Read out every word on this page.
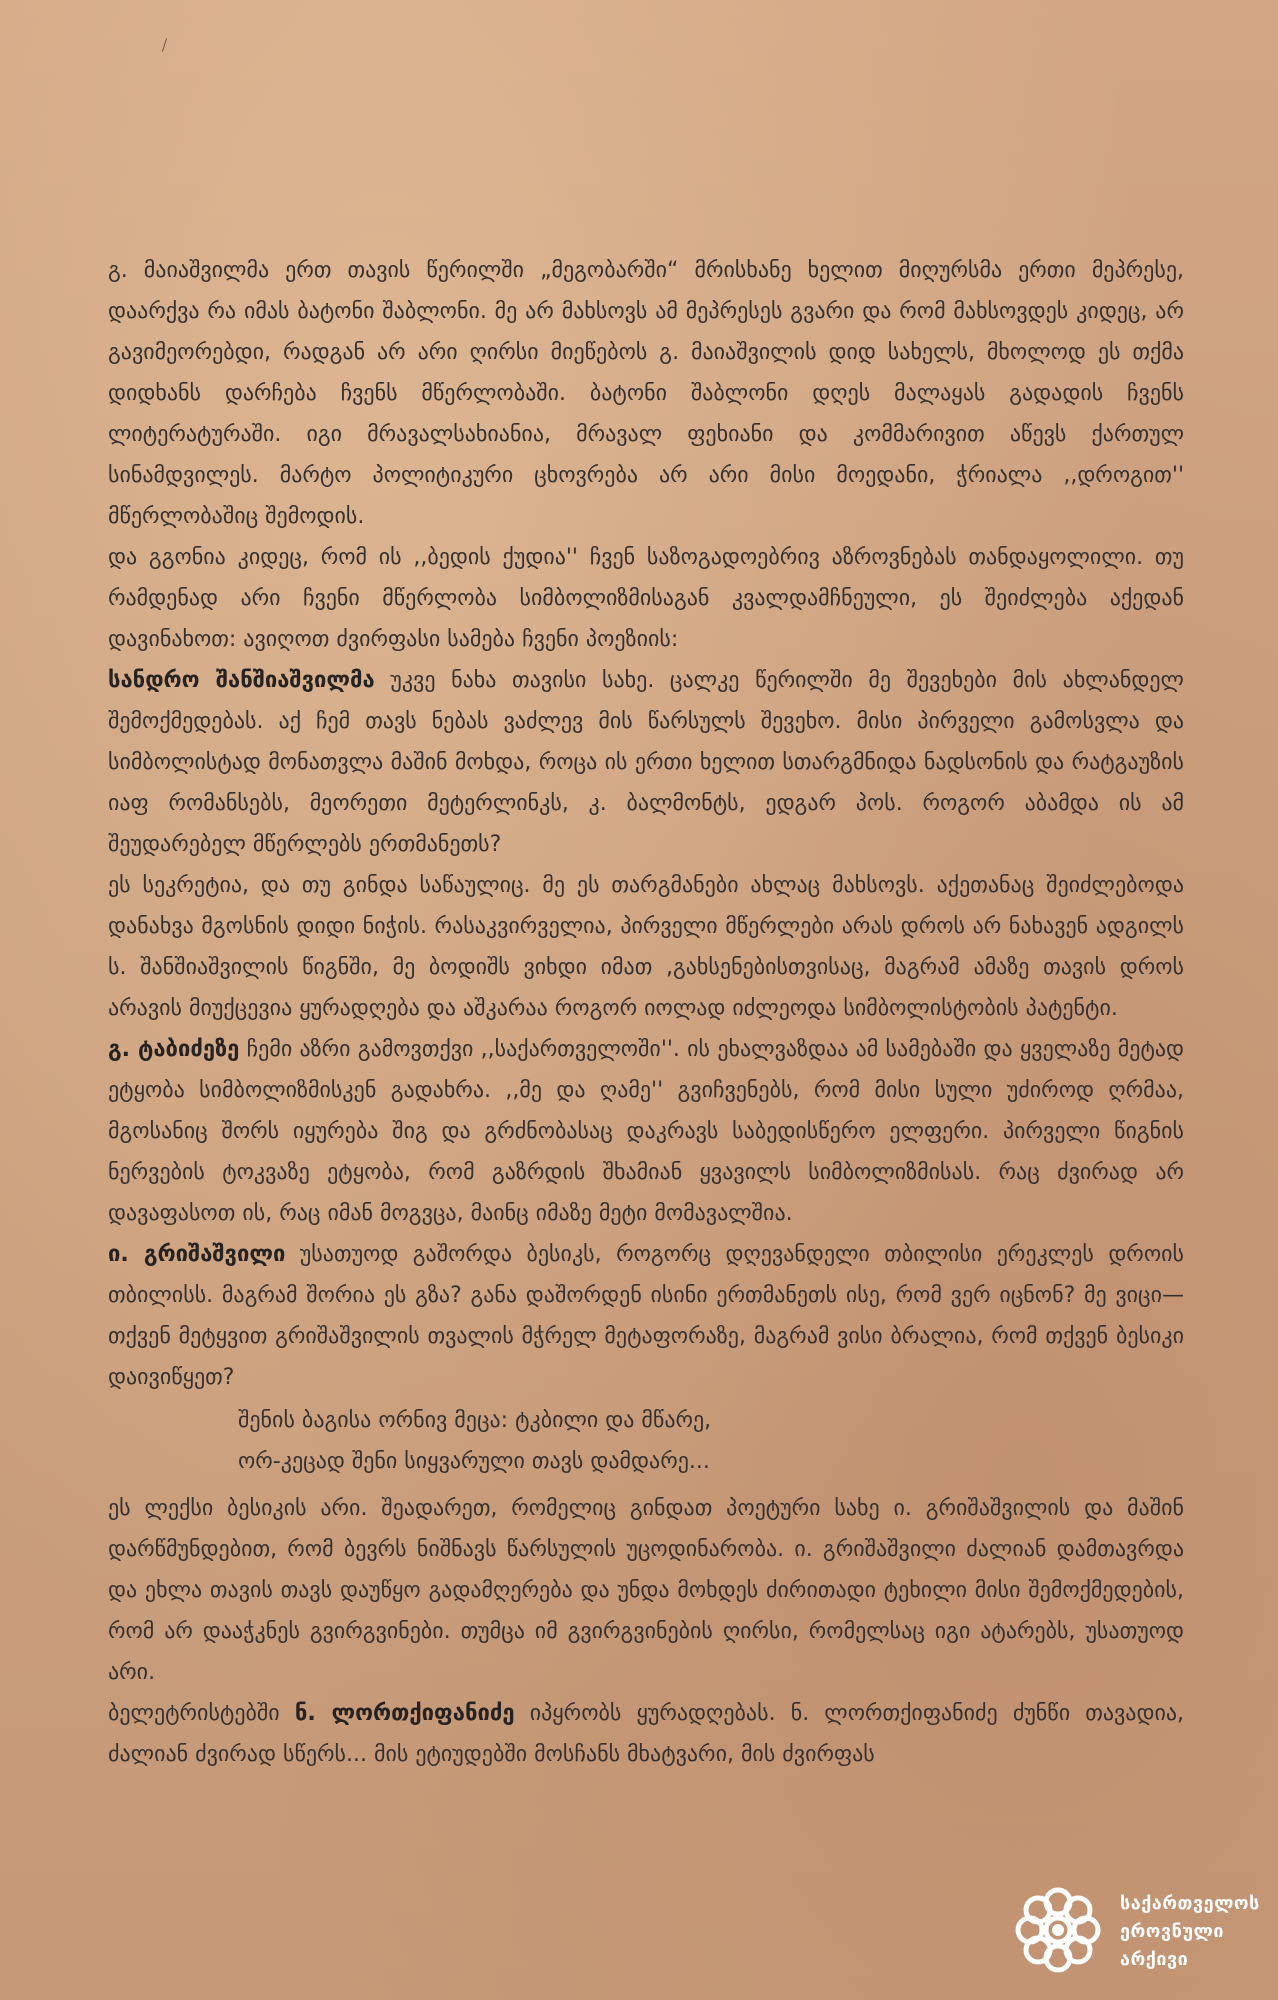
გ. მაიაშვილმა ერთ თავის წერილში „მეგობარში“ მრისხანე ხელით მიღურსმა ერთი მეპრესე, დაარქვა რა იმას ბატონი შაბლონი. მე არ მახსოვს ამ მეპრესეს გვარი და რომ მახსოვდეს კიდეც, არ გავიმეორებდი, რადგან არ არი ღირსი მიეწებოს გ. მაიაშვილის დიდ სახელს, მხოლოდ ეს თქმა დიდხანს დარჩება ჩვენს მწერლობაში. ბატონი შაბლონი დღეს მალაყას გადადის ჩვენს ლიტერატურაში. იგი მრავალსახიანია, მრავალ ფეხიანი და კომმარივით აწევს ქართულ სინამდვილეს. მარტო პოლიტიკური ცხოვრება არ არი მისი მოედანი, ჭრიალა ,,დროგით'' მწერლობაშიც შემოდის.

და გგონია კიდეც, რომ ის ,,ბედის ქუდია'' ჩვენ საზოგადოებრივ აზროვნებას თანდაყოლილი. თუ რამდენად არი ჩვენი მწერლობა სიმბოლიზმისაგან კვალდამჩნეული, ეს შეიძლება აქედან დავინახოთ: ავიღოთ ძვირფასი სამება ჩვენი პოეზიის:

სანდრო შანშიაშვილმა უკვე ნახა თავისი სახე. ცალკე წერილში მე შევეხები მის ახლანდელ შემოქმედებას. აქ ჩემ თავს ნებას ვაძლევ მის წარსულს შევეხო. მისი პირველი გამოსვლა და სიმბოლისტად მონათვლა მაშინ მოხდა, როცა ის ერთი ხელით სთარგმნიდა ნადსონის და რატგაუზის იაფ რომანსებს, მეორეთი მეტერლინკს, კ. ბალმონტს, ედგარ პოს. როგორ აბამდა ის ამ შეუდარებელ მწერლებს ერთმანეთს?

ეს სეკრეტია, და თუ გინდა საწაულიც. მე ეს თარგმანები ახლაც მახსოვს. აქეთანაც შეიძლებოდა დანახვა მგოსნის დიდი ნიჭის. რასაკვირველია, პირველი მწერლები არას დროს არ ნახავენ ადგილს ს. შანშიაშვილის წიგნში, მე ბოდიშს ვიხდი იმათ ,გახსენებისთვისაც, მაგრამ ამაზე თავის დროს არავის მიუქცევია ყურადღება და აშკარაა როგორ იოლად იძლეოდა სიმბოლისტობის პატენტი.

გ. ტაბიძეზე ჩემი აზრი გამოვთქვი ,,საქართველოში''. ის ეხალვაზდაა ამ სამებაში და ყველაზე მეტად ეტყობა სიმბოლიზმისკენ გადახრა. ,,მე და ღამე'' გვიჩვენებს, რომ მისი სული უძიროდ ღრმაა, მგოსანიც შორს იყურება შიგ და გრძნობასაც დაკრავს საბედისწერო ელფერი. პირველი წიგნის ნერვების ტოკვაზე ეტყობა, რომ გაზრდის შხამიან ყვავილს სიმბოლიზმისას. რაც ძვირად არ დავაფასოთ ის, რაც იმან მოგვცა, მაინც იმაზე მეტი მომავალშია.

ი. გრიშაშვილი უსათუოდ გაშორდა ბესიკს, როგორც დღევანდელი თბილისი ერეკლეს დროის თბილისს. მაგრამ შორია ეს გზა? განა დაშორდენ ისინი ერთმანეთს ისე, რომ ვერ იცნონ? მე ვიცი—თქვენ მეტყვით გრიშაშვილის თვალის მჭრელ მეტაფორაზე, მაგრამ ვისი ბრალია, რომ თქვენ ბესიკი დაივიწყეთ?

შენის ბაგისა ორნივ მეცა: ტკბილი და მწარე,
ორ-კეცად შენი სიყვარული თავს დამდარე...

ეს ლექსი ბესიკის არი. შეადარეთ, რომელიც გინდათ პოეტური სახე ი. გრიშაშვილის და მაშინ დარწმუნდებით, რომ ბევრს ნიშნავს წარსულის უცოდინარობა. ი. გრიშაშვილი ძალიან დამთავრდა და ეხლა თავის თავს დაუწყო გადამღერება და უნდა მოხდეს ძირითადი ტეხილი მისი შემოქმედების, რომ არ დააჭკნეს გვირგვინები. თუმცა იმ გვირგვინების ღირსი, რომელსაც იგი ატარებს, უსათუოდ არი.

ბელეტრისტებში ნ. ლორთქიფანიძე იპყრობს ყურადღებას. ნ. ლორთქიფანიძე ძუნწი თავადია, ძალიან ძვირად სწერს... მის ეტიუდებში მოსჩანს მხატვარი, მის ძვირფას

საქართველოს
ეროვნული
არქივი
